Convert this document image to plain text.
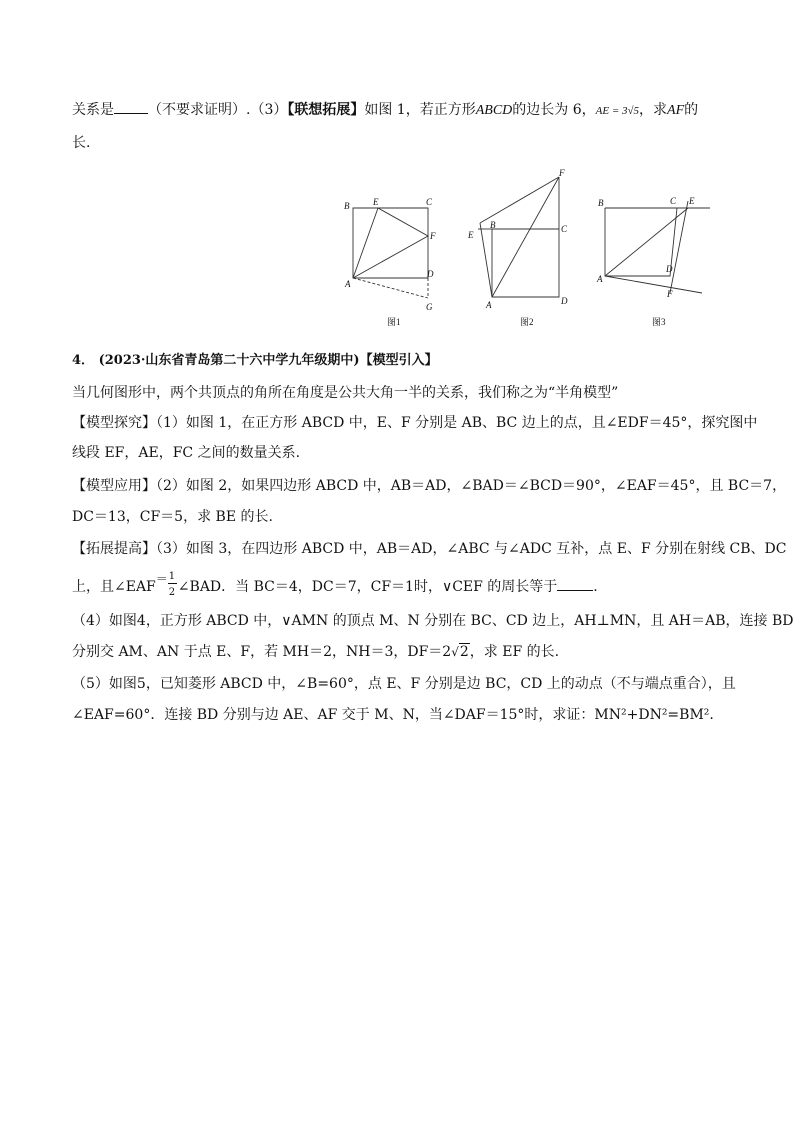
关系是 （不要求证明）.（3）【联想拓展】如图 1，若正方形ABCD的边长为 6，AE = 3√5，求AF的
长.
B	E	C
F
A
D
G
图1
F
E
B	C
A	D
图2
B	C E
D
A
F
图3
4． (2023·山东省青岛第二十六中学九年级期中)【模型引入】
当几何图形中，两个共顶点的角所在角度是公共大角一半的关系，我们称之为“半角模型”
【模型探究】（1）如图 1，在正方形 ABCD 中，E、F 分别是 AB、BC 边上的点，且∠EDF＝45°，探究图中
线段 EF，AE，FC 之间的数量关系.
【模型应用】（2）如图 2，如果四边形 ABCD 中，AB＝AD，∠BAD＝∠BCD＝90°，∠EAF＝45°，且 BC＝7，
DC＝13，CF＝5，求 BE 的长.
【拓展提高】（3）如图 3，在四边形 ABCD 中，AB＝AD，∠ABC 与∠ADC 互补，点 E、F 分别在射线 CB、DC
上，且∠EAF＝ $\frac{1}{2}$ ∠BAD．当 BC＝4，DC＝7，CF＝1时，∨CEF 的周长等于	.
（4）如图4，正方形 ABCD 中，∨AMN 的顶点 M、N 分别在 BC、CD 边上，AH⊥MN，且 AH＝AB，连接 BD
分别交 AM、AN 于点 E、F，若 MH＝2，NH＝3，DF＝2√2，求 EF 的长.
（5）如图5，已知菱形 ABCD 中，∠B=60°，点 E、F 分别是边 BC，CD 上的动点（不与端点重合），且
∠EAF=60°．连接 BD 分别与边 AE、AF 交于 M、N，当∠DAF＝15°时，求证：MN²+DN²=BM².
